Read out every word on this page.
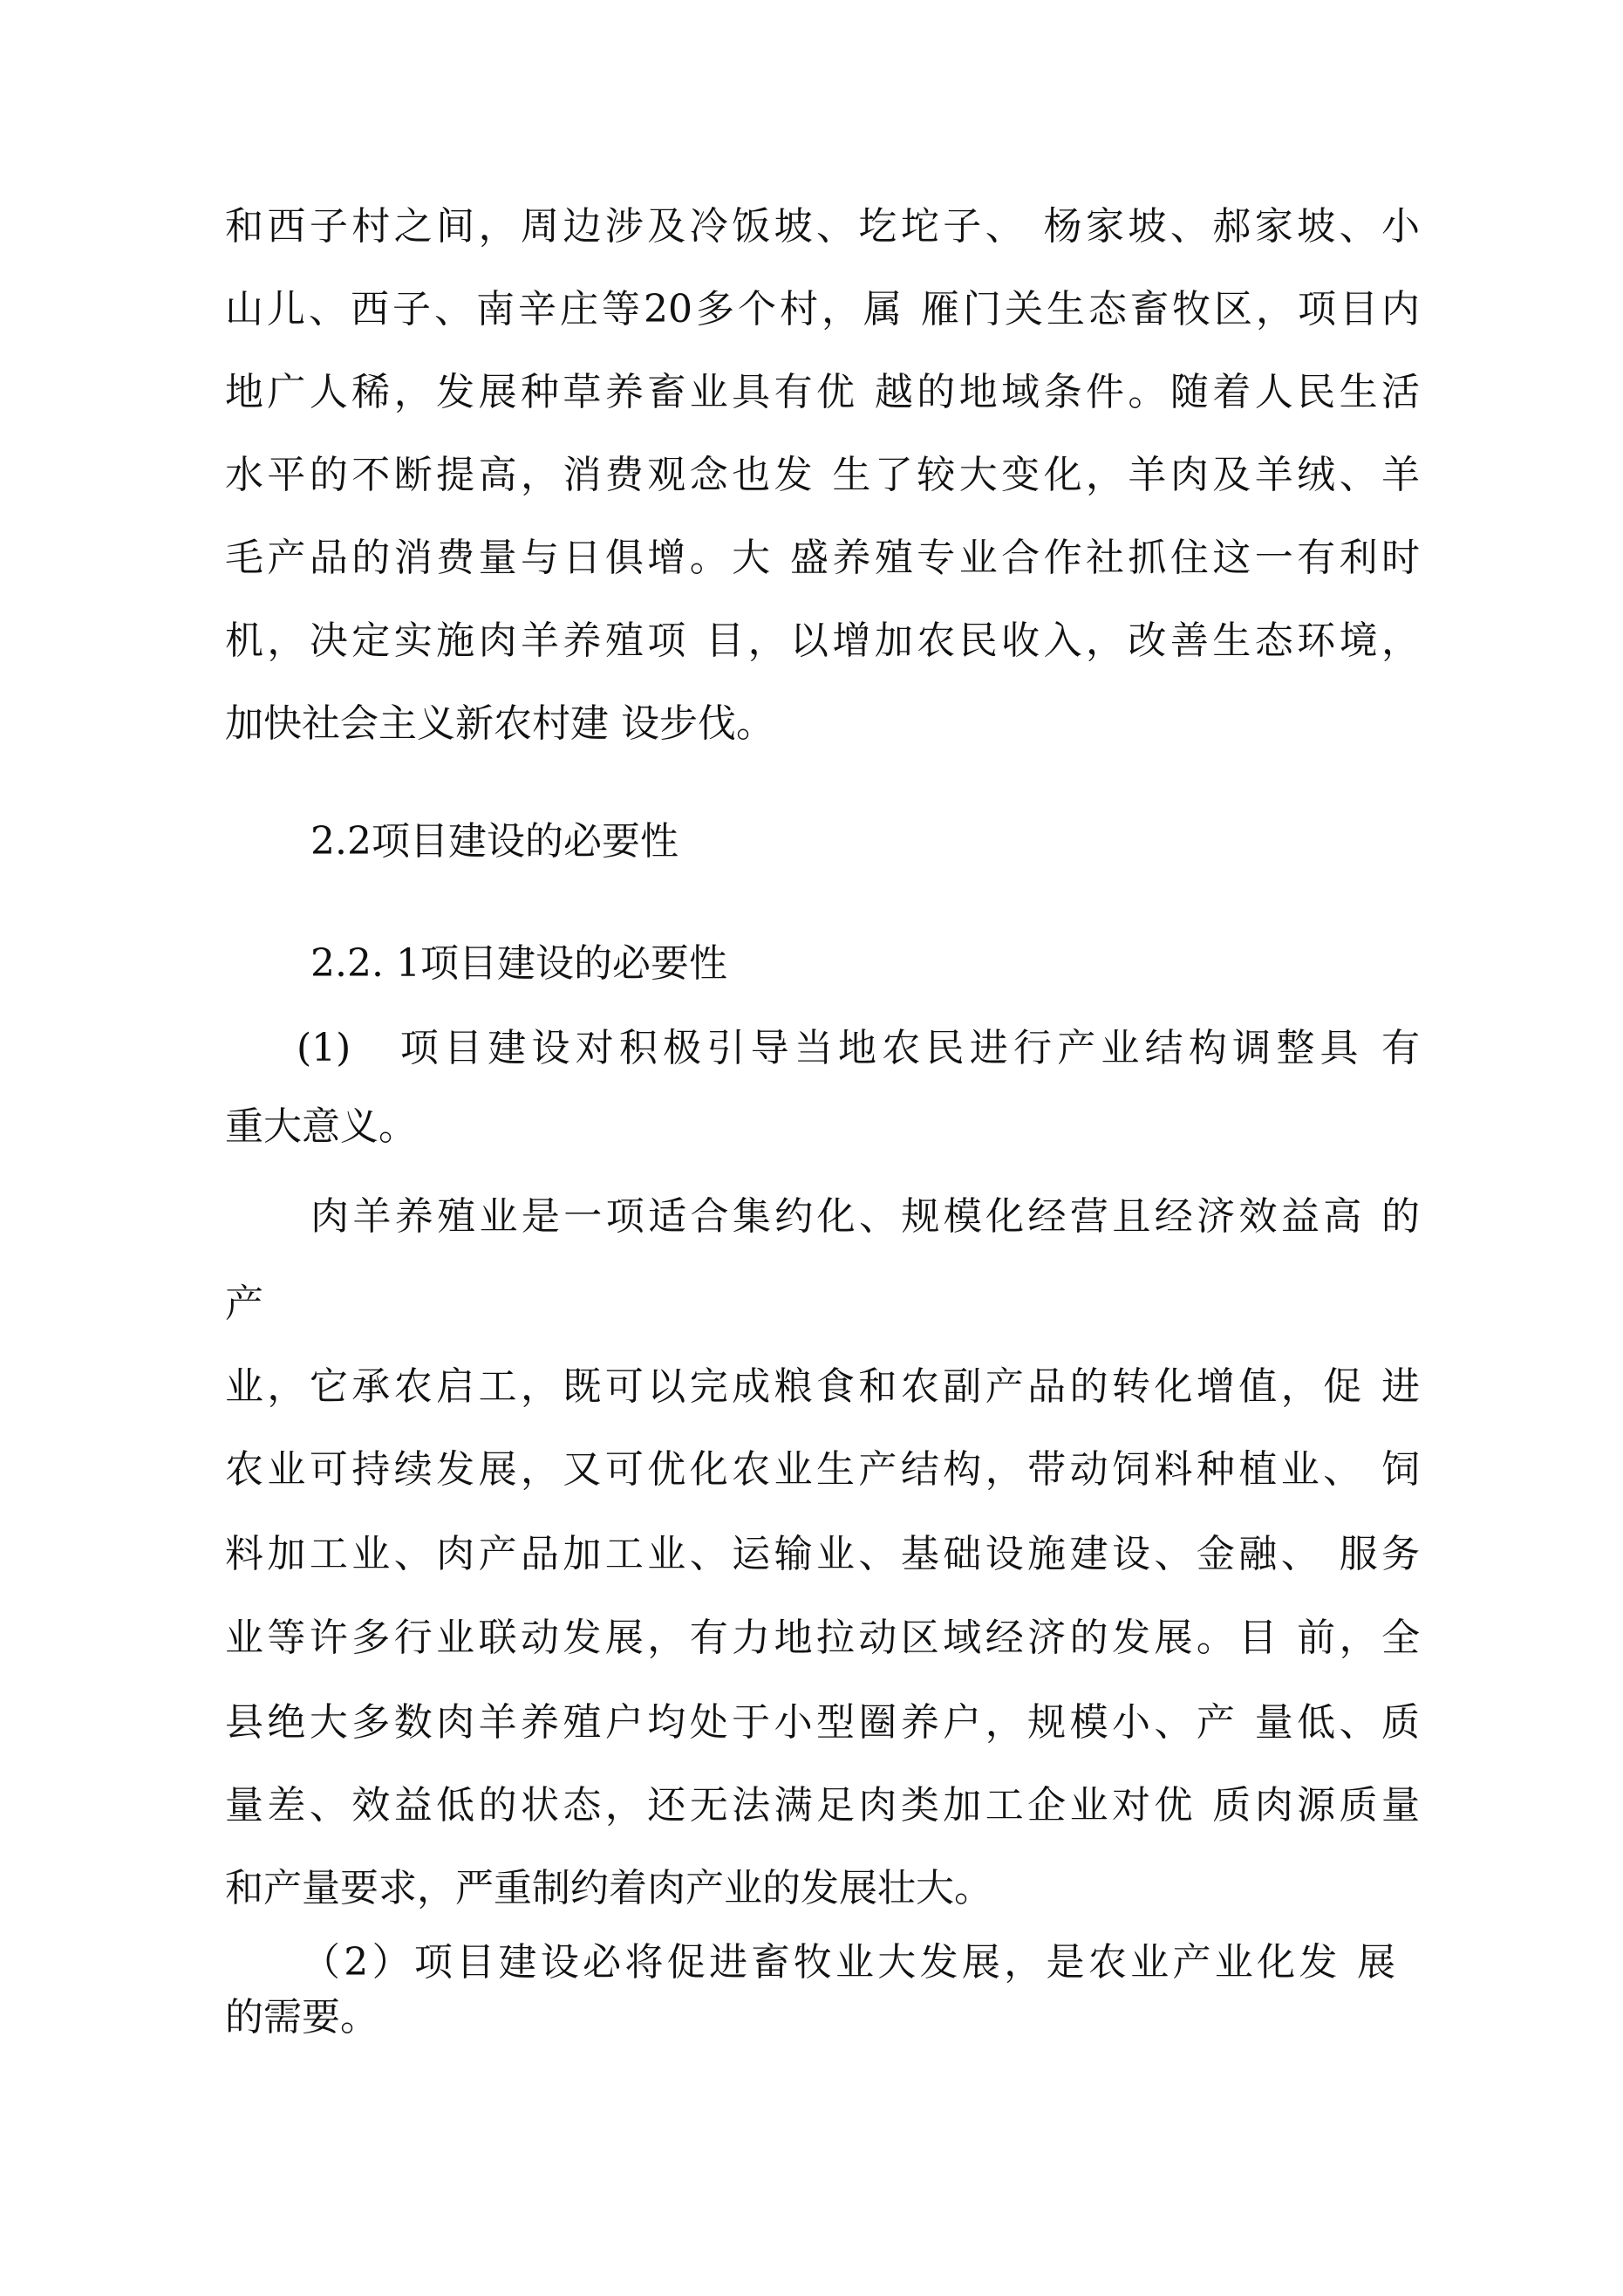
和西子村之间，周边涉及冷饭坡、圪坨子、 杨家坡、郝家坡、小
山儿、西子、南辛庄等20多个村，属 雁门关生态畜牧区，项目内
地广人稀，发展种草养畜业具有优 越的地域条件。随着人民生活
水平的不断提高，消费观念也发 生了较大变化，羊肉及羊绒、羊
毛产品的消费量与日俱增。大 盛养殖专业合作社抓住这一有利时
机，决定实施肉羊养殖项 目，以增加农民收入，改善生态环境，
加快社会主义新农村建 设步伐。
2.2项目建设的必要性
2.2. 1项目建设的必要性
(1)　项目建设对积极引导当地农民进行产业结构调整具 有
重大意义。
肉羊养殖业是一项适合集约化、规模化经营且经济效益高 的
产
业，它承农启工，既可以完成粮食和农副产品的转化增值，促 进
农业可持续发展，又可优化农业生产结构，带动饲料种植业、 饲
料加工业、肉产品加工业、运输业、基础设施建设、金融、 服务
业等许多行业联动发展，有力地拉动区域经济的发展。目 前，全
县绝大多数肉羊养殖户均处于小型圈养户，规模小、产 量低、质
量差、效益低的状态，还无法满足肉类加工企业对优 质肉源质量
和产量要求，严重制约着肉产业的发展壮大。
（2）项目建设必将促进畜牧业大发展，是农业产业化发 展
的需要。
